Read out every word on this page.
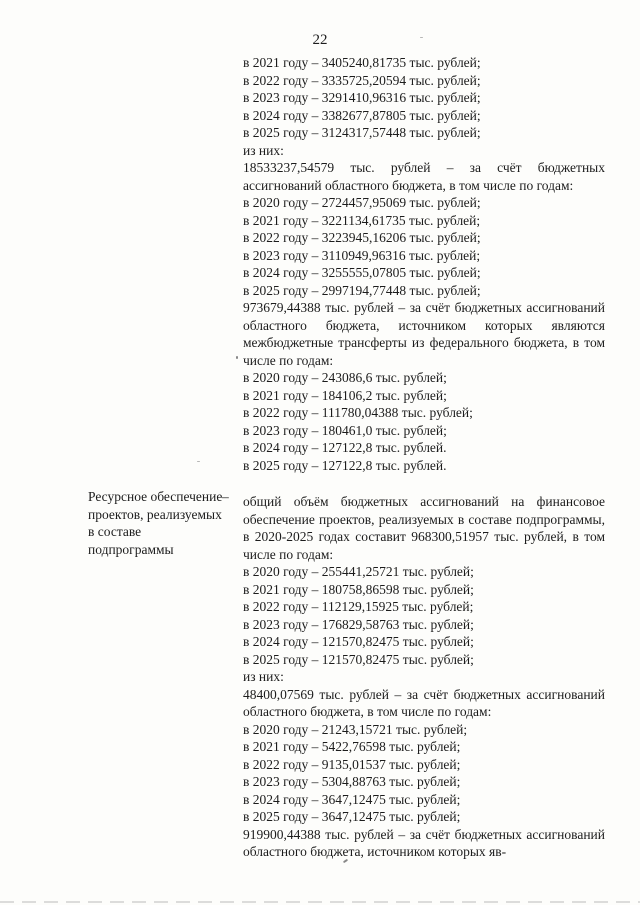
22
в 2021 году – 3405240,81735 тыс. рублей;
в 2022 году – 3335725,20594 тыс. рублей;
в 2023 году – 3291410,96316 тыс. рублей;
в 2024 году – 3382677,87805 тыс. рублей;
в 2025 году – 3124317,57448 тыс. рублей;
из них:
18533237,54579 тыс. рублей – за счёт бюджетных ассигнований областного бюджета, в том числе по годам:
в 2020 году – 2724457,95069 тыс. рублей;
в 2021 году – 3221134,61735 тыс. рублей;
в 2022 году – 3223945,16206 тыс. рублей;
в 2023 году – 3110949,96316 тыс. рублей;
в 2024 году – 3255555,07805 тыс. рублей;
в 2025 году – 2997194,77448 тыс. рублей;
973679,44388 тыс. рублей – за счёт бюджетных ассигнований областного бюджета, источником которых являются межбюджетные трансферты из федерального бюджета, в том числе по годам:
в 2020 году – 243086,6 тыс. рублей;
в 2021 году – 184106,2 тыс. рублей;
в 2022 году – 111780,04388 тыс. рублей;
в 2023 году – 180461,0 тыс. рублей;
в 2024 году – 127122,8 тыс. рублей.
в 2025 году – 127122,8 тыс. рублей.
общий объём бюджетных ассигнований на финансовое обеспечение проектов, реализуемых в составе подпрограммы, в 2020-2025 годах составит 968300,51957 тыс. рублей, в том числе по годам:
в 2020 году – 255441,25721 тыс. рублей;
в 2021 году – 180758,86598 тыс. рублей;
в 2022 году – 112129,15925 тыс. рублей;
в 2023 году – 176829,58763 тыс. рублей;
в 2024 году – 121570,82475 тыс. рублей;
в 2025 году – 121570,82475 тыс. рублей;
из них:
48400,07569 тыс. рублей – за счёт бюджетных ассигнований областного бюджета, в том числе по годам:
в 2020 году – 21243,15721 тыс. рублей;
в 2021 году – 5422,76598 тыс. рублей;
в 2022 году – 9135,01537 тыс. рублей;
в 2023 году – 5304,88763 тыс. рублей;
в 2024 году – 3647,12475 тыс. рублей;
в 2025 году – 3647,12475 тыс. рублей;
919900,44388 тыс. рублей – за счёт бюджетных ассигнований областного бюджета, источником которых яв-
Ресурсное обеспечение проектов, реализуемых в составе подпрограммы
–
